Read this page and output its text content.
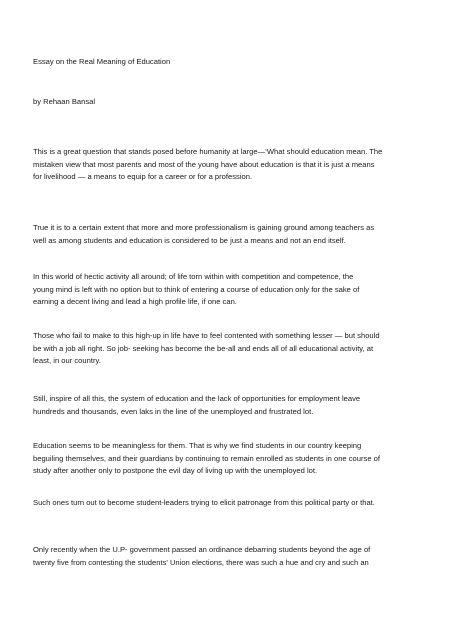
Essay on the Real Meaning of Education
by Rehaan Bansal
This is a great question that stands posed before humanity at large—‘What should education mean. The
mistaken view that most parents and most of the young have about education is that it is just a means
for livelihood — a means to equip for a career or for a profession.
True it is to a certain extent that more and more professionalism is gaining ground among teachers as
well as among students and education is considered to be just a means and not an end itself.
In this world of hectic activity all around; of life torn within with competition and competence, the
young mind is left with no option but to think of entering a course of education only for the sake of
earning a decent living and lead a high profile life, if one can.
Those who fail to make to this high-up in life have to feel contented with something lesser — but should
be with a job all right. So job- seeking has become the be-all and ends all of all educational activity, at
least, in our country.
Still, inspire of all this, the system of education and the lack of opportunities for employment leave
hundreds and thousands, even laks in the line of the unemployed and frustrated lot.
Education seems to be meaningless for them. That is why we find students in our country keeping
beguiling themselves, and their guardians by continuing to remain enrolled as students in one course of
study after another only to postpone the evil day of living up with the unemployed lot.
Such ones turn out to become student-leaders trying to elicit patronage from this political party or that.
Only recently when the U.P- government passed an ordinance debarring students beyond the age of
twenty five from contesting the students' Union elections, there was such a hue and cry and such an
